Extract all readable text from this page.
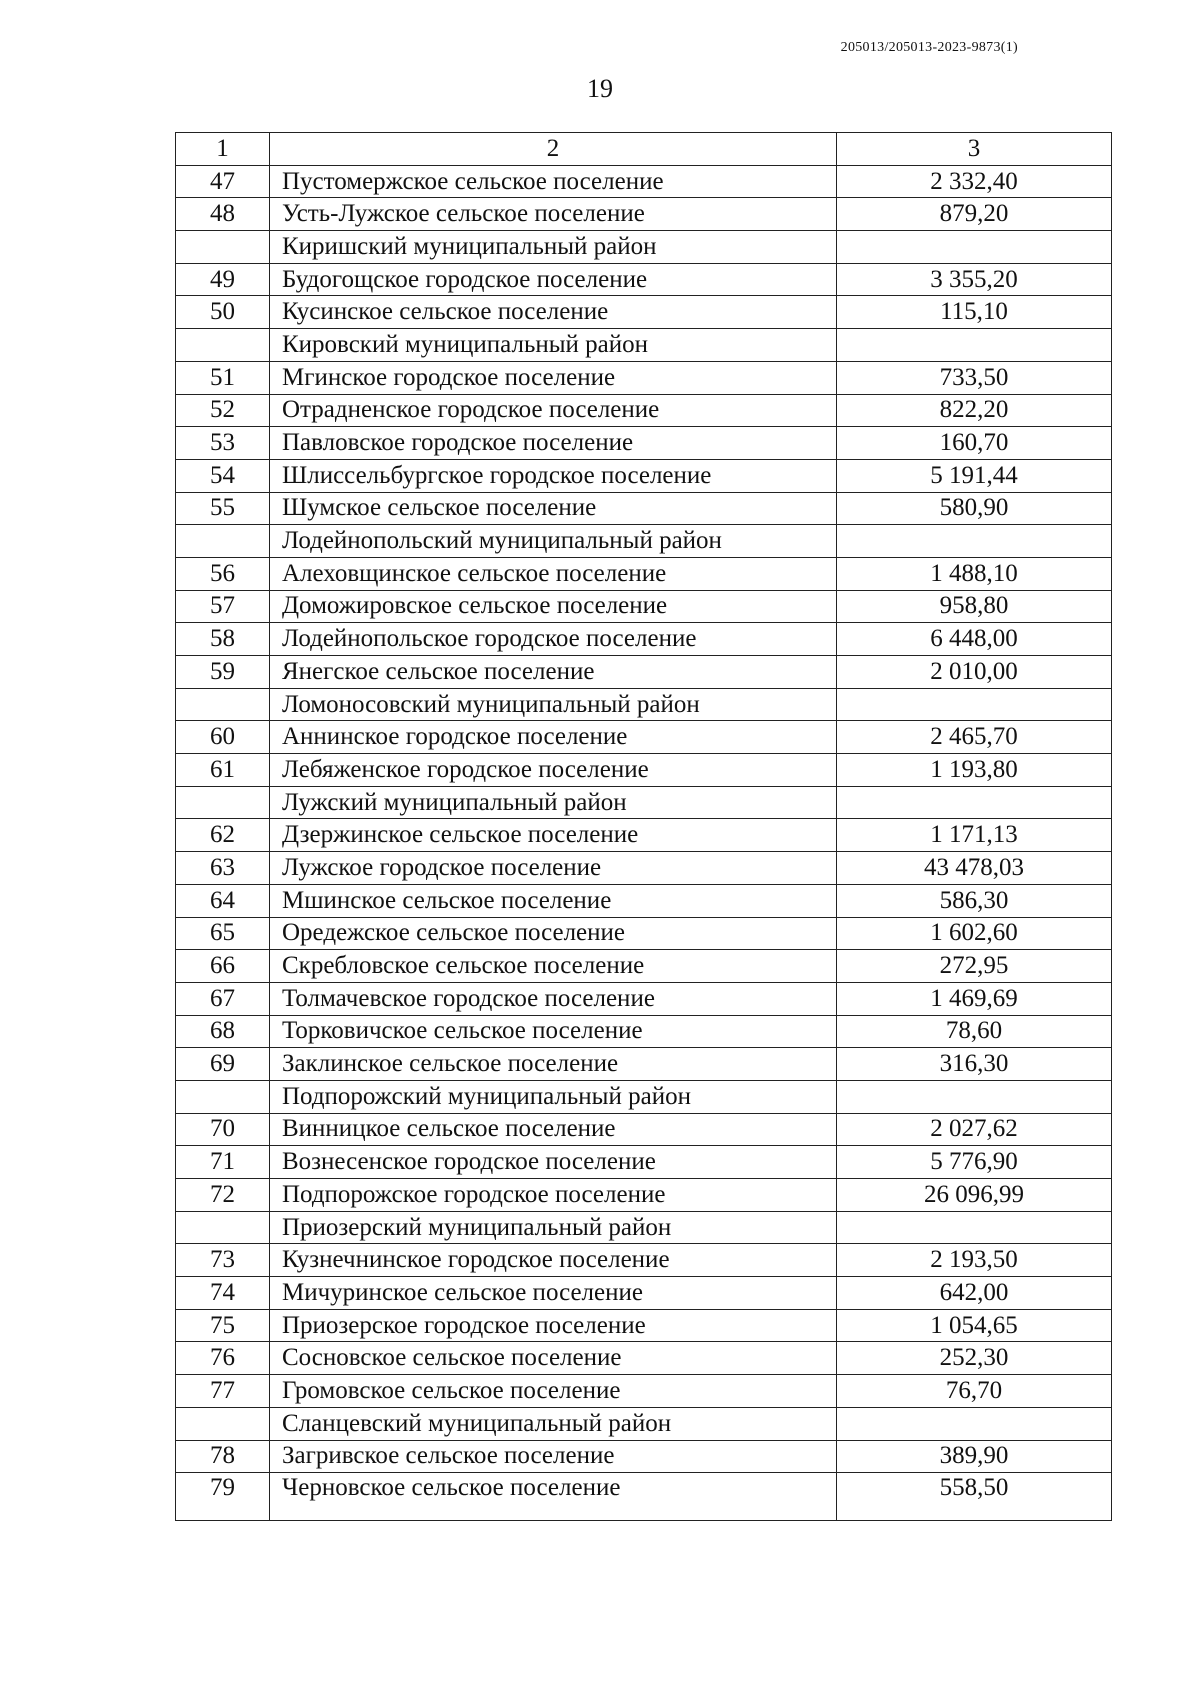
205013/205013-2023-9873(1)
19
1	2	3
47	Пустомержское сельское поселение	2 332,40
48	Усть-Лужское сельское поселение	879,20
	Киришский муниципальный район	
49	Будогощское городское поселение	3 355,20
50	Кусинское сельское поселение	115,10
	Кировский муниципальный район	
51	Мгинское городское поселение	733,50
52	Отрадненское городское поселение	822,20
53	Павловское городское поселение	160,70
54	Шлиссельбургское городское поселение	5 191,44
55	Шумское сельское поселение	580,90
	Лодейнопольский муниципальный район	
56	Алеховщинское сельское поселение	1 488,10
57	Доможировское сельское поселение	958,80
58	Лодейнопольское городское поселение	6 448,00
59	Янегское сельское поселение	2 010,00
	Ломоносовский муниципальный район	
60	Аннинское городское поселение	2 465,70
61	Лебяженское городское поселение	1 193,80
	Лужский муниципальный район	
62	Дзержинское сельское поселение	1 171,13
63	Лужское городское поселение	43 478,03
64	Мшинское сельское поселение	586,30
65	Оредежское сельское поселение	1 602,60
66	Скребловское сельское поселение	272,95
67	Толмачевское городское поселение	1 469,69
68	Торковичское сельское поселение	78,60
69	Заклинское сельское поселение	316,30
	Подпорожский муниципальный район	
70	Винницкое сельское поселение	2 027,62
71	Вознесенское городское поселение	5 776,90
72	Подпорожское городское поселение	26 096,99
	Приозерский муниципальный район	
73	Кузнечнинское городское поселение	2 193,50
74	Мичуринское сельское поселение	642,00
75	Приозерское городское поселение	1 054,65
76	Сосновское сельское поселение	252,30
77	Громовское сельское поселение	76,70
	Сланцевский муниципальный район	
78	Загривское сельское поселение	389,90
79	Черновское сельское поселение	558,50
